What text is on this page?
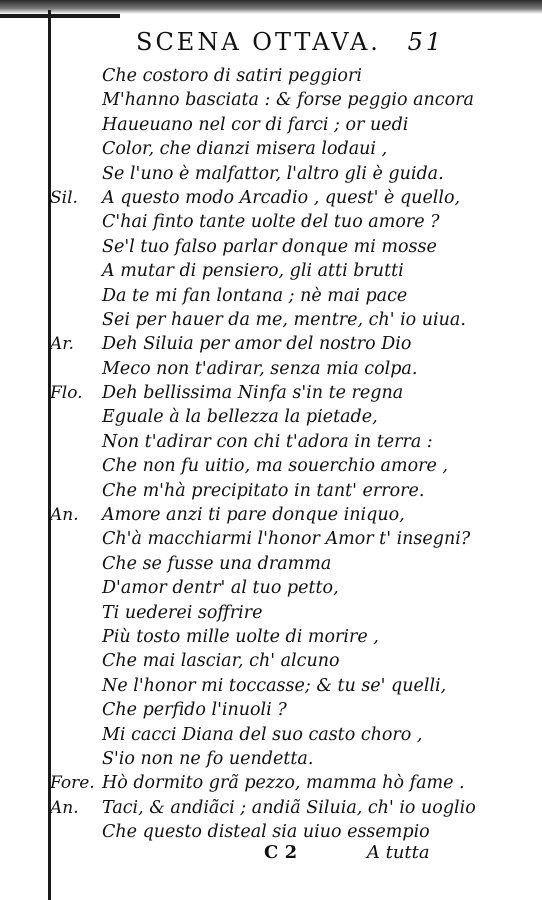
SCENA OTTAVA. 51
Che costoro di satiri peggiori
M'hanno basciata : & forse peggio ancora
Haueuano nel cor di farci ; or uedi
Color, che dianzi misera lodaui ,
Se l'uno è malfattor, l'altro gli è guida.
Sil.	A questo modo Arcadio , quest' è quello,
C'hai finto tante uolte del tuo amore ?
Se'l tuo falso parlar donque mi mosse
A mutar di pensiero, gli atti brutti
Da te mi fan lontana ; nè mai pace
Sei per hauer da me, mentre, ch' io uiua.
Ar.	Deh Siluia per amor del nostro Dio
Meco non t'adirar, senza mia colpa.
Flo.	Deh bellissima Ninfa s'in te regna
Eguale à la bellezza la pietade,
Non t'adirar con chi t'adora in terra :
Che non fu uitio, ma souerchio amore ,
Che m'hà precipitato in tant' errore.
An.	Amore anzi ti pare donque iniquo,
Ch'à macchiarmi l'honor Amor t' insegni?
Che se fusse una dramma
D'amor dentr' al tuo petto,
Ti uederei soffrire
Più tosto mille uolte di morire ,
Che mai lasciar, ch' alcuno
Ne l'honor mi toccasse; & tu se' quelli,
Che perfido l'inuoli ?
Mi cacci Diana del suo casto choro ,
S'io non ne fo uendetta.
Fore. Hò dormito grã pezzo, mamma hò fame .
An.	Taci, & andiãci ; andiã Siluia, ch' io uoglio
Che questo disteal sia uiuo essempio
C 2	A tutta
